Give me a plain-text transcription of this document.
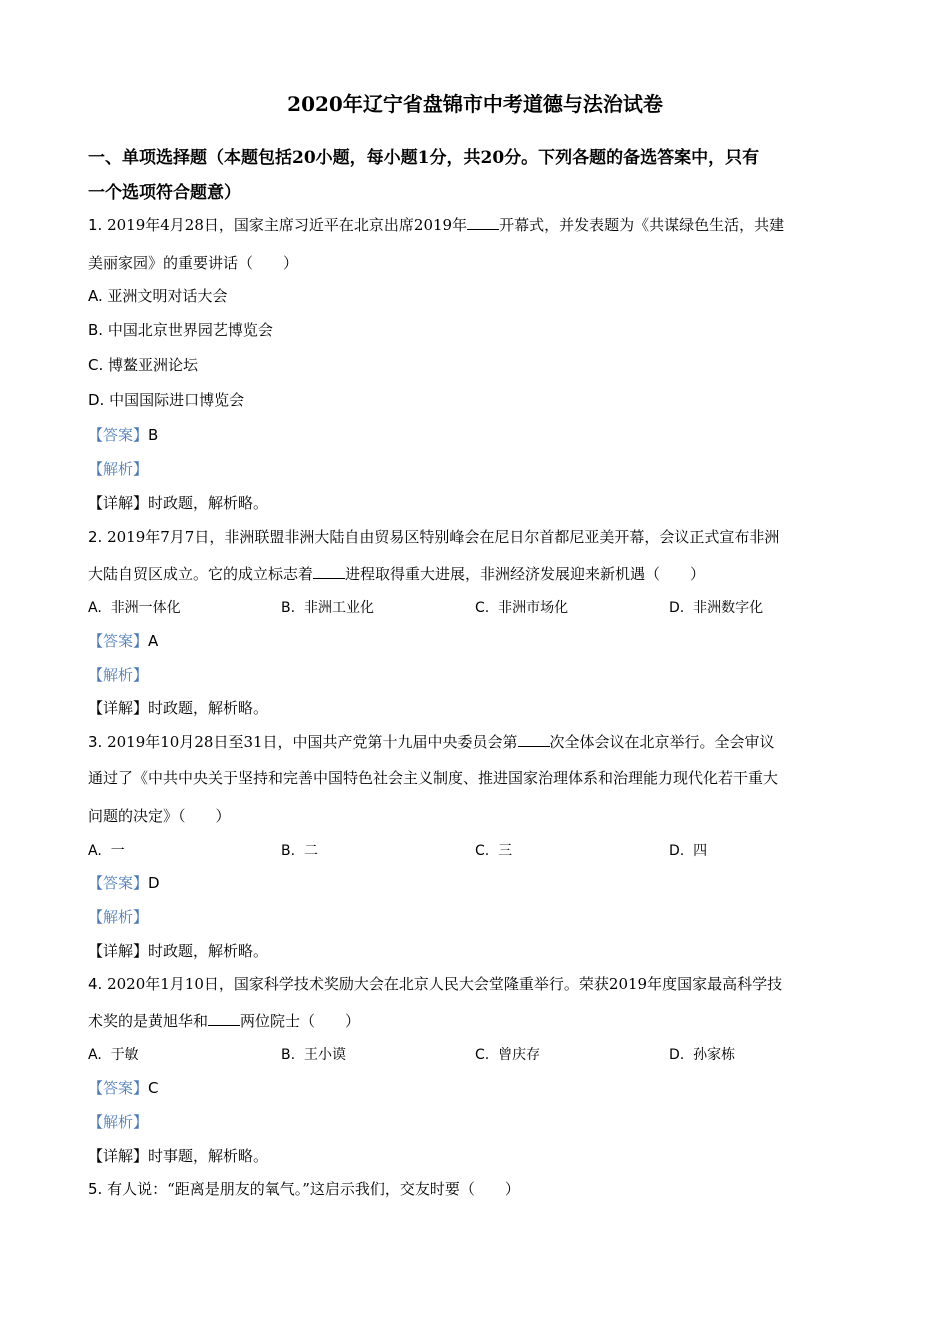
2020年辽宁省盘锦市中考道德与法治试卷
一、单项选择题（本题包括20小题，每小题1分，共20分。下列各题的备选答案中，只有
一个选项符合题意）
1. 2019年4月28日，国家主席习近平在北京出席2019年 开幕式，并发表题为《共谋绿色生活，共建
美丽家园》的重要讲话（　　）
A. 亚洲文明对话大会
B. 中国北京世界园艺博览会
C. 博鳌亚洲论坛
D. 中国国际进口博览会
【答案】B
【解析】
【详解】时政题，解析略。
2. 2019年7月7日，非洲联盟非洲大陆自由贸易区特别峰会在尼日尔首都尼亚美开幕，会议正式宣布非洲
大陆自贸区成立。它的成立标志着 进程取得重大进展，非洲经济发展迎来新机遇（　　）
A. 非洲一体化	B. 非洲工业化	C. 非洲市场化	D. 非洲数字化
【答案】A
【解析】
【详解】时政题，解析略。
3. 2019年10月28日至31日，中国共产党第十九届中央委员会第 次全体会议在北京举行。全会审议
通过了《中共中央关于坚持和完善中国特色社会主义制度、推进国家治理体系和治理能力现代化若干重大
问题的决定》（　　）
A. 一	B. 二	C. 三	D. 四
【答案】D
【解析】
【详解】时政题，解析略。
4. 2020年1月10日，国家科学技术奖励大会在北京人民大会堂隆重举行。荣获2019年度国家最高科学技
术奖的是黄旭华和 两位院士（　　）
A. 于敏	B. 王小谟	C. 曾庆存	D. 孙家栋
【答案】C
【解析】
【详解】时事题，解析略。
5. 有人说：“距离是朋友的氧气。”这启示我们，交友时要（　　）
